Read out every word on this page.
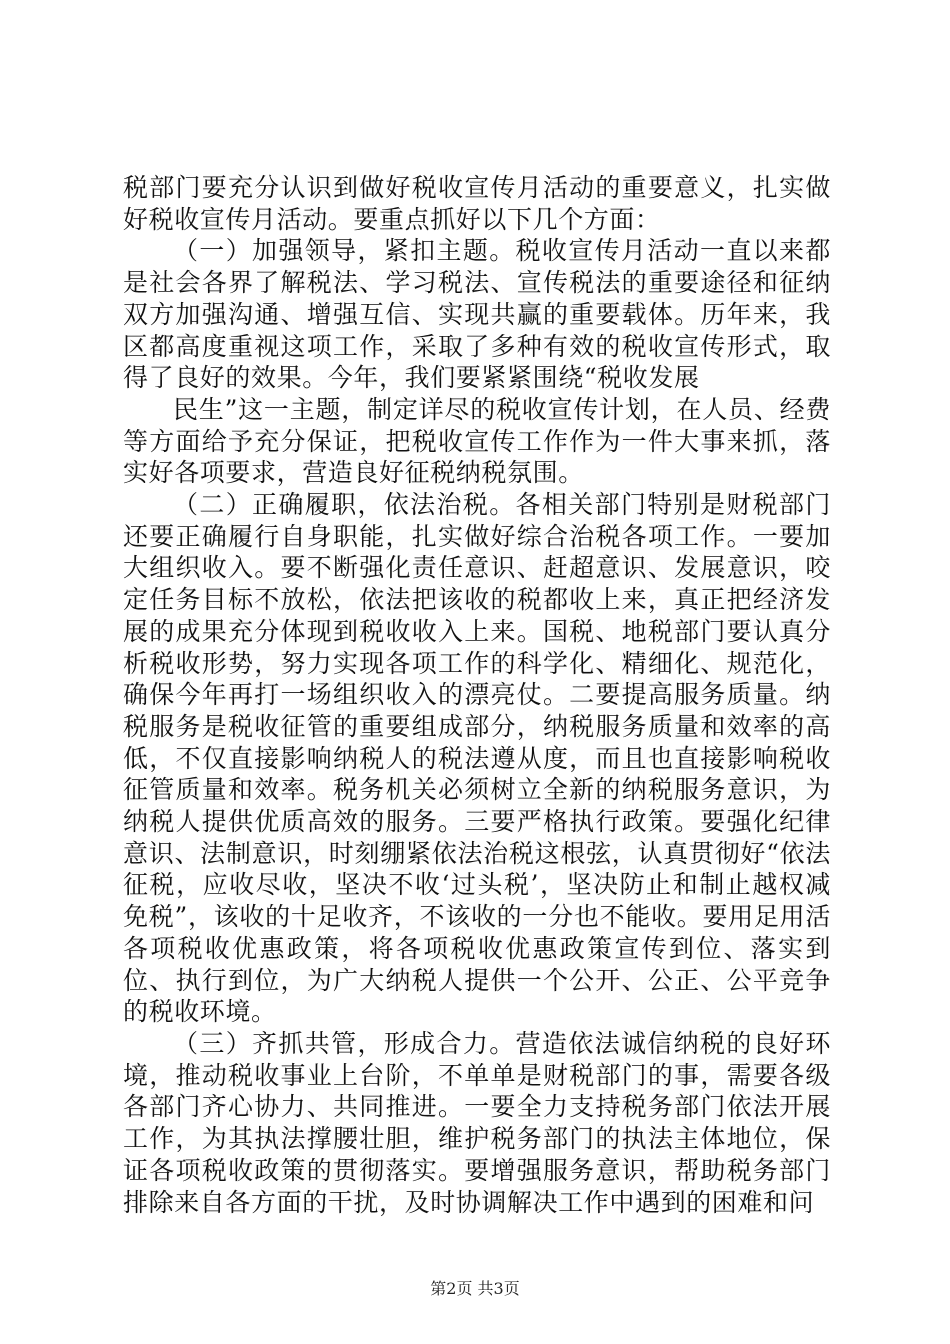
税部门要充分认识到做好税收宣传月活动的重要意义，扎实做好税收宣传月活动。要重点抓好以下几个方面：

（一）加强领导，紧扣主题。税收宣传月活动一直以来都是社会各界了解税法、学习税法、宣传税法的重要途径和征纳双方加强沟通、增强互信、实现共赢的重要载体。历年来，我区都高度重视这项工作，采取了多种有效的税收宣传形式，取得了良好的效果。今年，我们要紧紧围绕“税收发展

民生”这一主题，制定详尽的税收宣传计划，在人员、经费等方面给予充分保证，把税收宣传工作作为一件大事来抓，落实好各项要求，营造良好征税纳税氛围。

（二）正确履职，依法治税。各相关部门特别是财税部门还要正确履行自身职能，扎实做好综合治税各项工作。一要加大组织收入。要不断强化责任意识、赶超意识、发展意识，咬定任务目标不放松，依法把该收的税都收上来，真正把经济发展的成果充分体现到税收收入上来。国税、地税部门要认真分析税收形势，努力实现各项工作的科学化、精细化、规范化，确保今年再打一场组织收入的漂亮仗。二要提高服务质量。纳税服务是税收征管的重要组成部分，纳税服务质量和效率的高低，不仅直接影响纳税人的税法遵从度，而且也直接影响税收征管质量和效率。税务机关必须树立全新的纳税服务意识，为纳税人提供优质高效的服务。三要严格执行政策。要强化纪律意识、法制意识，时刻绷紧依法治税这根弦，认真贯彻好“依法征税，应收尽收，坚决不收‘过头税’，坚决防止和制止越权减免税”，该收的十足收齐，不该收的一分也不能收。要用足用活各项税收优惠政策，将各项税收优惠政策宣传到位、落实到位、执行到位，为广大纳税人提供一个公开、公正、公平竞争的税收环境。

（三）齐抓共管，形成合力。营造依法诚信纳税的良好环境，推动税收事业上台阶，不单单是财税部门的事，需要各级各部门齐心协力、共同推进。一要全力支持税务部门依法开展工作，为其执法撑腰壮胆，维护税务部门的执法主体地位，保证各项税收政策的贯彻落实。要增强服务意识，帮助税务部门排除来自各方面的干扰，及时协调解决工作中遇到的困难和问

第2页 共3页
